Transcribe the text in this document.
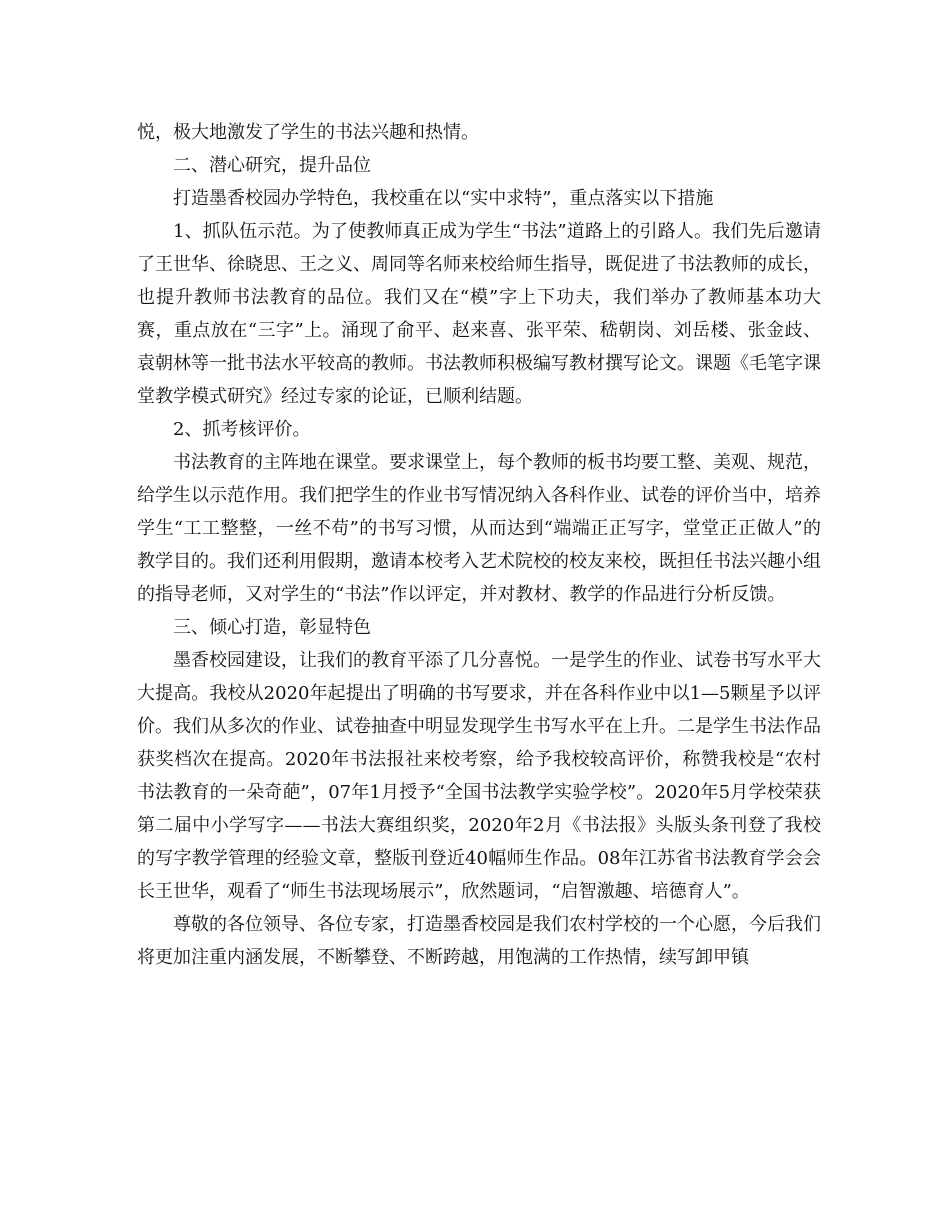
悦，极大地激发了学生的书法兴趣和热情。

二、潜心研究，提升品位

打造墨香校园办学特色，我校重在以“实中求特”，重点落实以下措施

1、抓队伍示范。为了使教师真正成为学生“书法”道路上的引路人。我们先后邀请了王世华、徐晓思、王之义、周同等名师来校给师生指导，既促进了书法教师的成长，也提升教师书法教育的品位。我们又在“模”字上下功夫，我们举办了教师基本功大赛，重点放在“三字”上。涌现了俞平、赵来喜、张平荣、嵇朝岗、刘岳楼、张金歧、袁朝林等一批书法水平较高的教师。书法教师积极编写教材撰写论文。课题《毛笔字课堂教学模式研究》经过专家的论证，已顺利结题。

2、抓考核评价。

书法教育的主阵地在课堂。要求课堂上，每个教师的板书均要工整、美观、规范，给学生以示范作用。我们把学生的作业书写情况纳入各科作业、试卷的评价当中，培养学生“工工整整，一丝不苟”的书写习惯，从而达到“端端正正写字，堂堂正正做人”的教学目的。我们还利用假期，邀请本校考入艺术院校的校友来校，既担任书法兴趣小组的指导老师，又对学生的“书法”作以评定，并对教材、教学的作品进行分析反馈。

三、倾心打造，彰显特色

墨香校园建设，让我们的教育平添了几分喜悦。一是学生的作业、试卷书写水平大大提高。我校从2020年起提出了明确的书写要求，并在各科作业中以1—5颗星予以评价。我们从多次的作业、试卷抽查中明显发现学生书写水平在上升。二是学生书法作品获奖档次在提高。2020年书法报社来校考察，给予我校较高评价，称赞我校是“农村书法教育的一朵奇葩”，07年1月授予“全国书法教学实验学校”。2020年5月学校荣获第二届中小学写字——书法大赛组织奖，2020年2月《书法报》头版头条刊登了我校的写字教学管理的经验文章，整版刊登近40幅师生作品。08年江苏省书法教育学会会长王世华，观看了“师生书法现场展示”，欣然题词，“启智激趣、培德育人”。

尊敬的各位领导、各位专家，打造墨香校园是我们农村学校的一个心愿，今后我们将更加注重内涵发展，不断攀登、不断跨越，用饱满的工作热情，续写卸甲镇
